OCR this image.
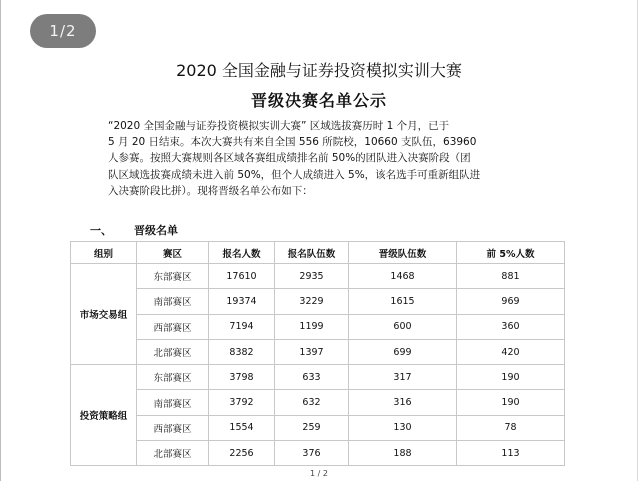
1/2
2020 全国金融与证券投资模拟实训大赛
晋级决赛名单公示

“2020 全国金融与证券投资模拟实训大赛” 区域选拔赛历时 1 个月，已于

5 月 20 日结束。本次大赛共有来自全国 556 所院校，10660 支队伍，63960

人参赛。按照大赛规则各区域各赛组成绩排名前 50%的团队进入决赛阶段（团

队区域选拔赛成绩未进入前 50%，但个人成绩进入 5%，该名选手可重新组队进

入决赛阶段比拼）。现将晋级名单公布如下：

一、 晋级名单
组别	赛区	报名人数	报名队伍数	晋级队伍数	前 5%人数
市场交易组	东部赛区	17610	2935	1468	881
	南部赛区	19374	3229	1615	969
	西部赛区	7194	1199	600	360
	北部赛区	8382	1397	699	420
投资策略组	东部赛区	3798	633	317	190
	南部赛区	3792	632	316	190
	西部赛区	1554	259	130	78
	北部赛区	2256	376	188	113
1 / 2
